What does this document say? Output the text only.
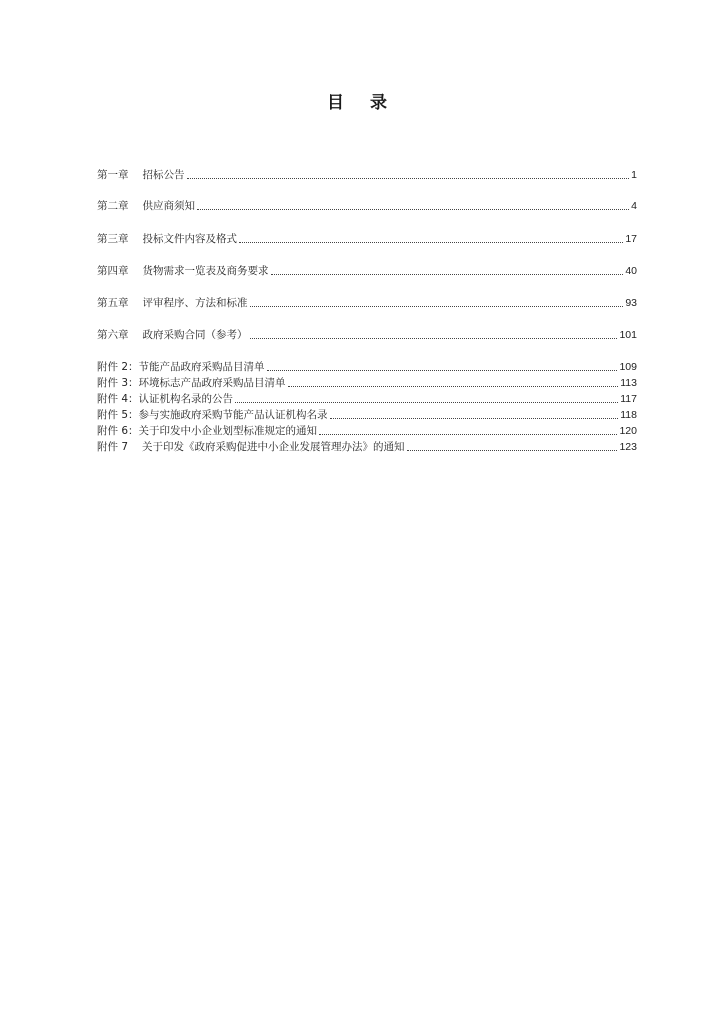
目 录
第一章 招标公告	1
第二章 供应商须知	4
第三章 投标文件内容及格式	17
第四章 货物需求一览表及商务要求	40
第五章 评审程序、方法和标准	93
第六章 政府采购合同（参考）	101
附件 2：节能产品政府采购品目清单	109
附件 3：环境标志产品政府采购品目清单	113
附件 4：认证机构名录的公告	117
附件 5：参与实施政府采购节能产品认证机构名录	118
附件 6：关于印发中小企业划型标准规定的通知	120
附件 7 关于印发《政府采购促进中小企业发展管理办法》的通知	123
